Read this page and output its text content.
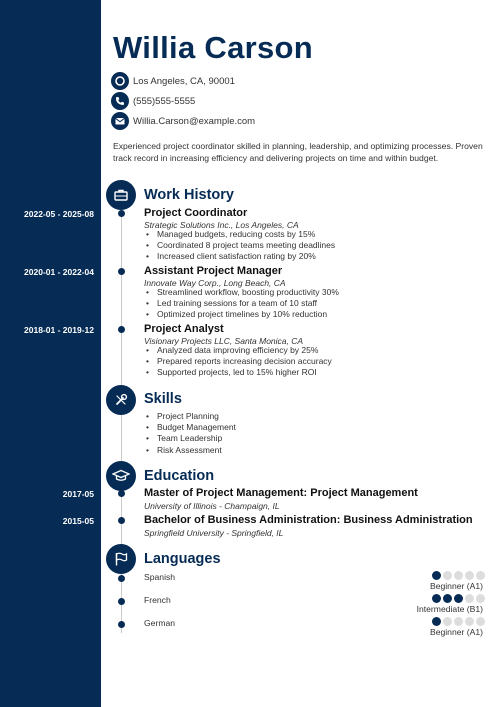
Willia Carson
Los Angeles, CA, 90001
(555)555-5555
Willia.Carson@example.com
Experienced project coordinator skilled in planning, leadership, and optimizing processes. Proven track record in increasing efficiency and delivering projects on time and within budget.
Work History
2022-05 - 2025-08	Project Coordinator
Strategic Solutions Inc., Los Angeles, CA
• Managed budgets, reducing costs by 15%
• Coordinated 8 project teams meeting deadlines
• Increased client satisfaction rating by 20%
2020-01 - 2022-04	Assistant Project Manager
Innovate Way Corp., Long Beach, CA
• Streamlined workflow, boosting productivity 30%
• Led training sessions for a team of 10 staff
• Optimized project timelines by 10% reduction
2018-01 - 2019-12	Project Analyst
Visionary Projects LLC, Santa Monica, CA
• Analyzed data improving efficiency by 25%
• Prepared reports increasing decision accuracy
• Supported projects, led to 15% higher ROI
Skills
• Project Planning
• Budget Management
• Team Leadership
• Risk Assessment
Education
2017-05	Master of Project Management: Project Management
University of Illinois - Champaign, IL
2015-05	Bachelor of Business Administration: Business Administration
Springfield University - Springfield, IL
Languages
Spanish
Beginner (A1)
French
Intermediate (B1)
German
Beginner (A1)
